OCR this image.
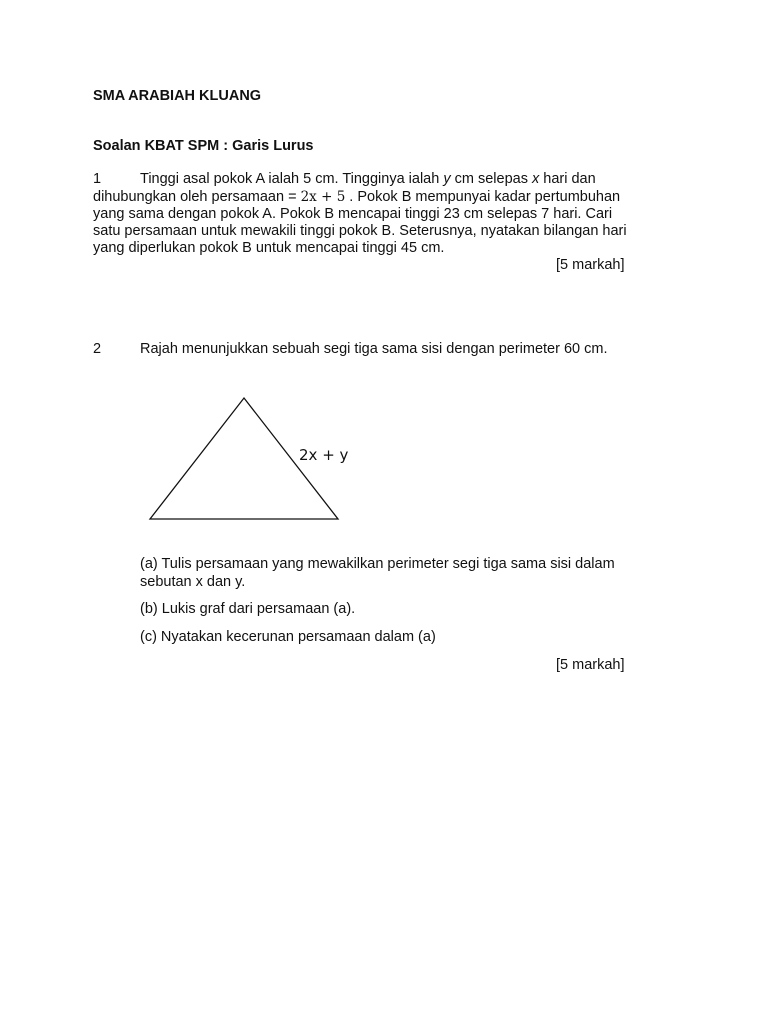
SMA ARABIAH KLUANG
Soalan KBAT SPM : Garis Lurus
1	Tinggi asal pokok A ialah 5 cm. Tingginya ialah y cm selepas x hari dan
dihubungkan oleh persamaan = 2x + 5 . Pokok B mempunyai kadar pertumbuhan
yang sama dengan pokok A. Pokok B mencapai tinggi 23 cm selepas 7 hari. Cari
satu persamaan untuk mewakili tinggi pokok B. Seterusnya, nyatakan bilangan hari
yang diperlukan pokok B untuk mencapai tinggi 45 cm.
[5 markah]
2	Rajah menunjukkan sebuah segi tiga sama sisi dengan perimeter 60 cm.
2x + y
(a) Tulis persamaan yang mewakilkan perimeter segi tiga sama sisi dalam
sebutan x dan y.
(b) Lukis graf dari persamaan (a).
(c) Nyatakan kecerunan persamaan dalam (a)
[5 markah]
